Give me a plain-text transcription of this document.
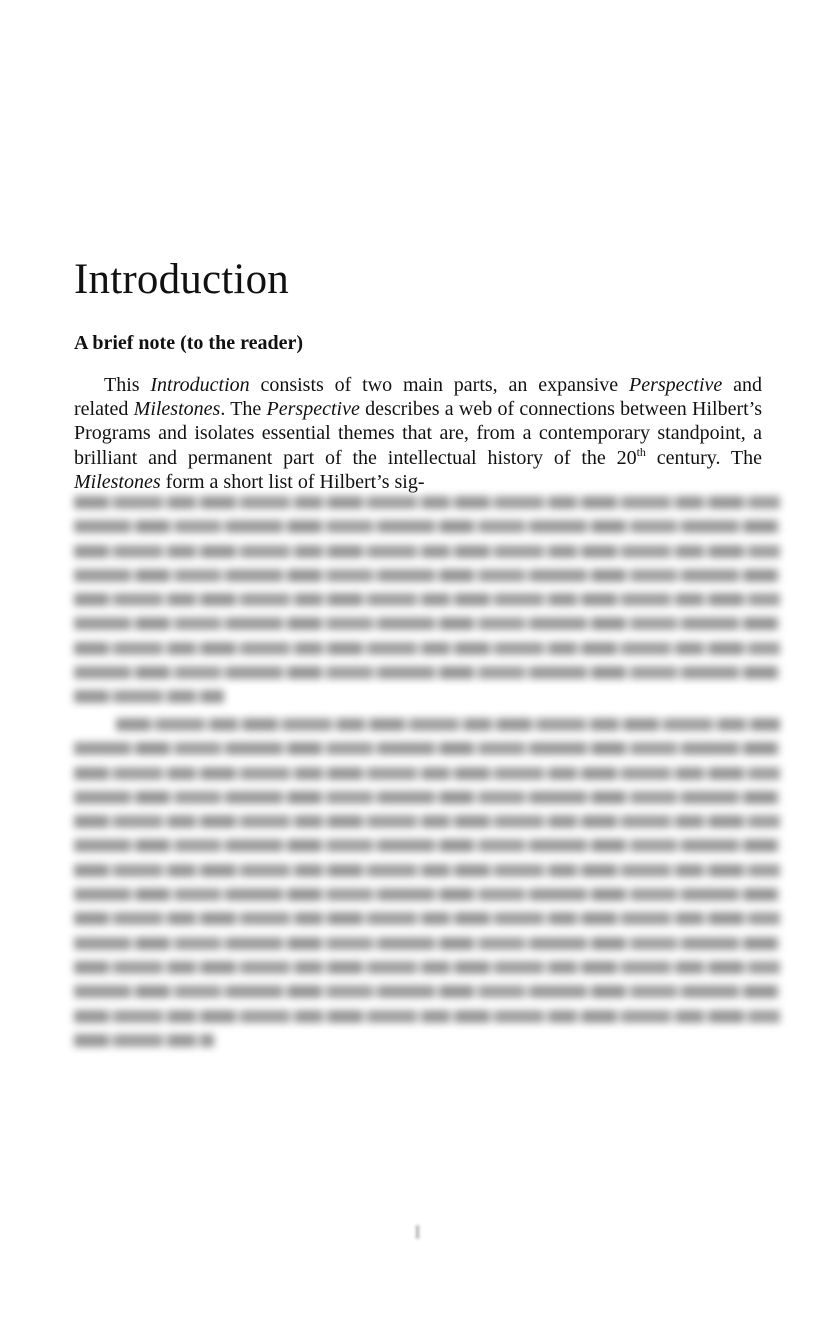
Introduction
A brief note (to the reader)

This Introduction consists of two main parts, an expansive Perspective and related Milestones. The Perspective describes a web of connections between Hilbert’s Programs and isolates essential themes that are, from a contemporary standpoint, a brilliant and permanent part of the intellectual history of the 20th century. The Milestones form a short list of Hilbert’s sig-

I
